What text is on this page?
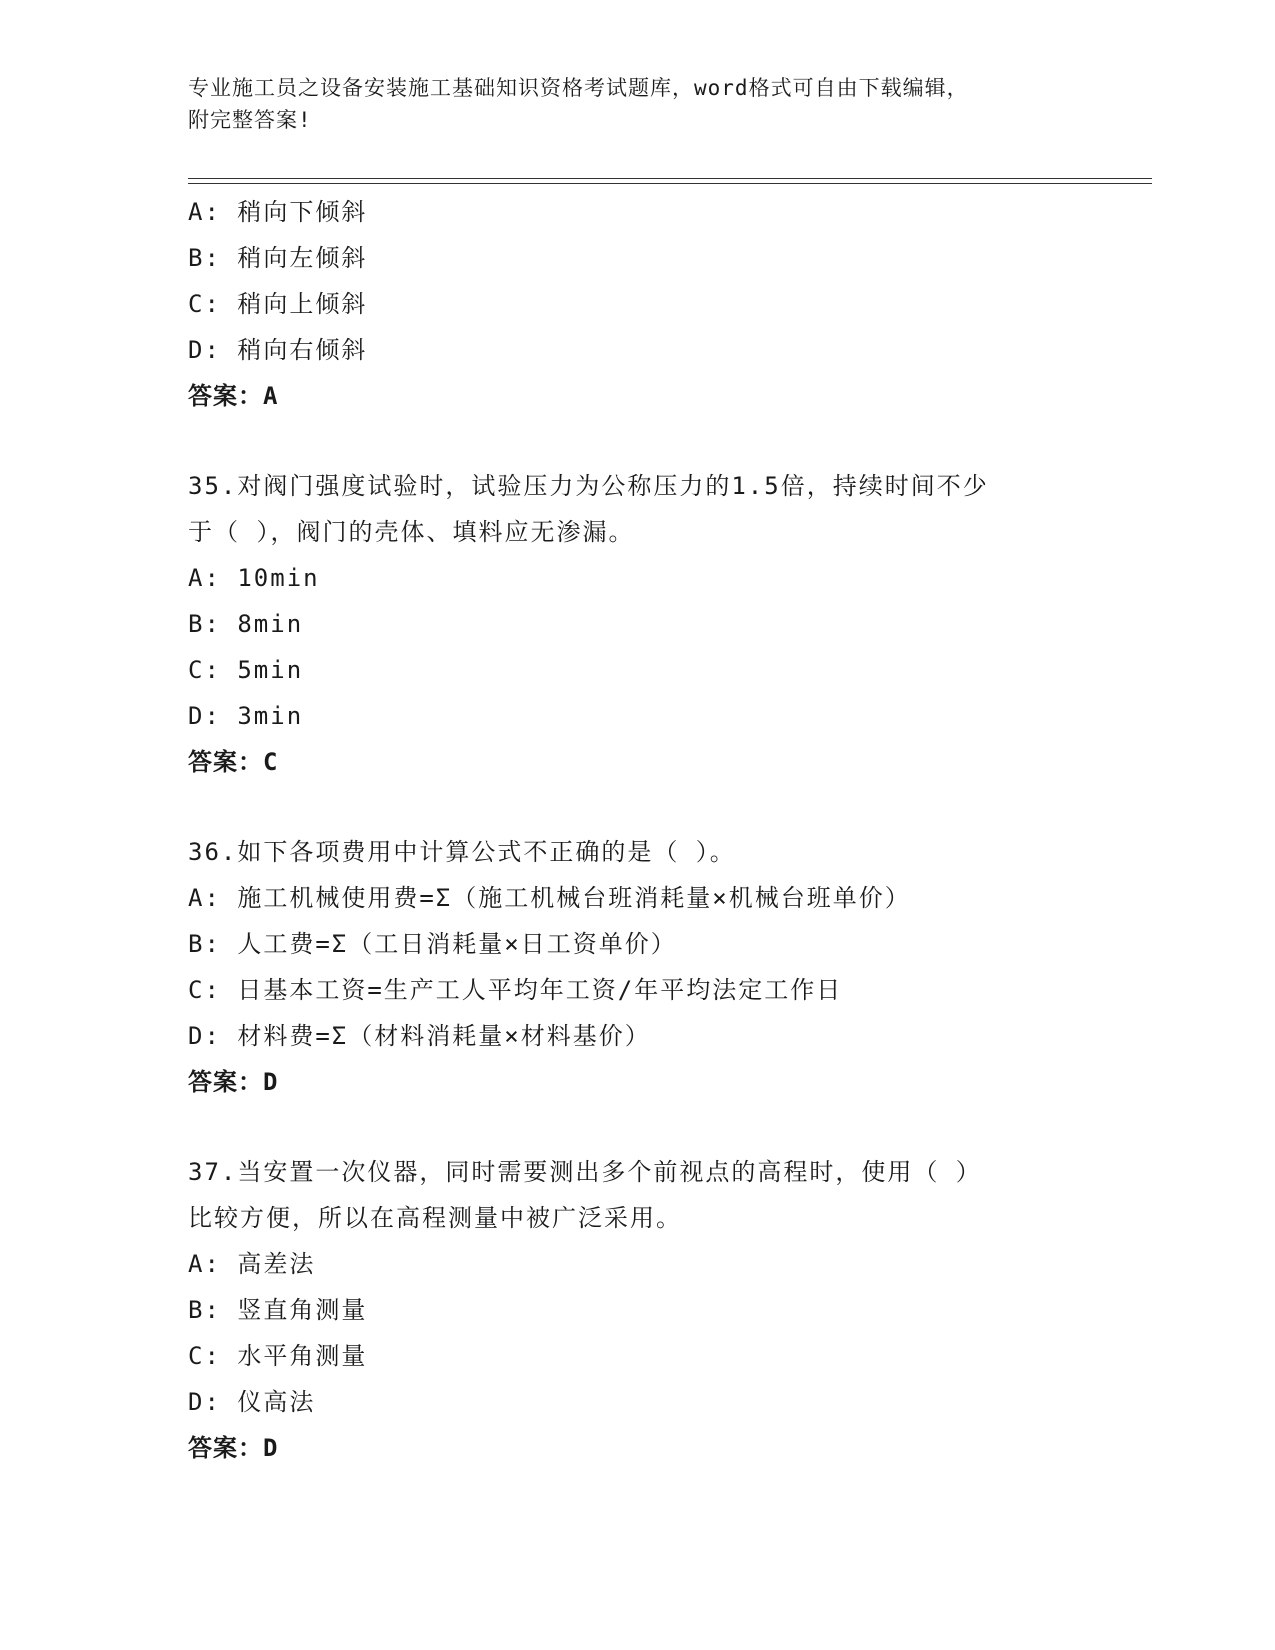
专业施工员之设备安装施工基础知识资格考试题库，word格式可自由下载编辑，
附完整答案!
A: 稍向下倾斜
B: 稍向左倾斜
C: 稍向上倾斜
D: 稍向右倾斜
答案：A
35.对阀门强度试验时，试验压力为公称压力的1.5倍，持续时间不少
于（ ），阀门的壳体、填料应无渗漏。
A: 10min
B: 8min
C: 5min
D: 3min
答案：C
36.如下各项费用中计算公式不正确的是（ ）。
A: 施工机械使用费=Σ（施工机械台班消耗量×机械台班单价）
B: 人工费=Σ（工日消耗量×日工资单价）
C: 日基本工资=生产工人平均年工资/年平均法定工作日
D: 材料费=Σ（材料消耗量×材料基价）
答案：D
37.当安置一次仪器，同时需要测出多个前视点的高程时，使用（ ）
比较方便，所以在高程测量中被广泛采用。
A: 高差法
B: 竖直角测量
C: 水平角测量
D: 仪高法
答案：D
